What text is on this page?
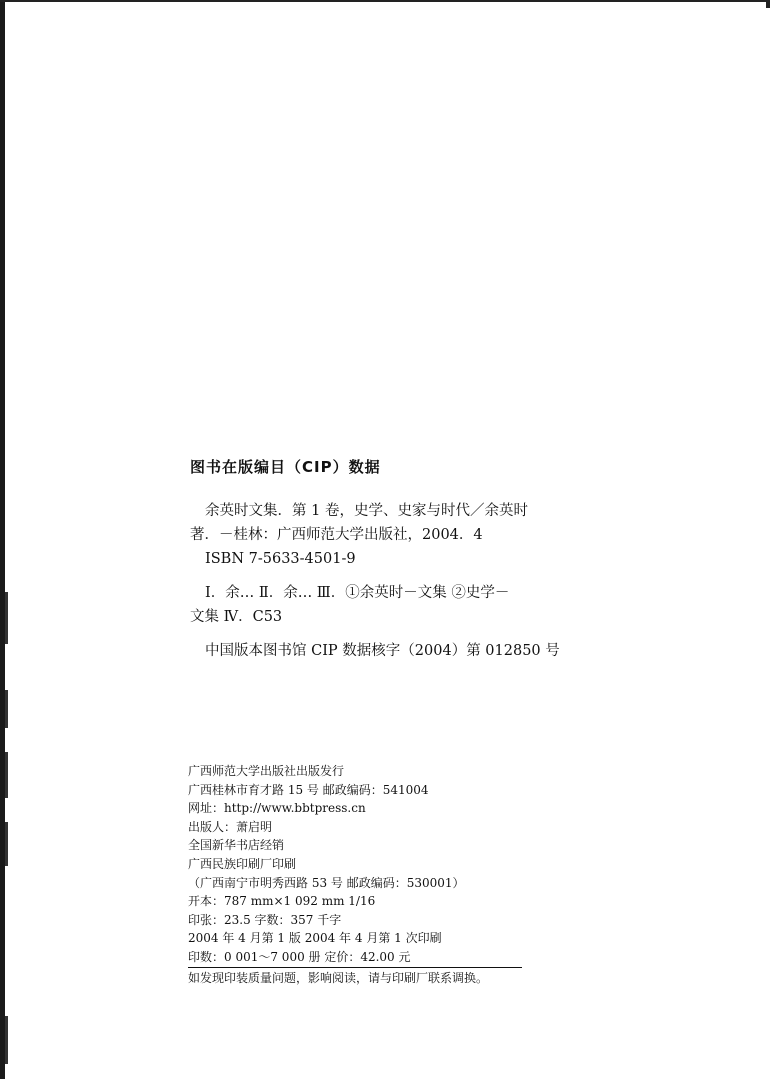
图书在版编目（CIP）数据

余英时文集．第 1 卷，史学、史家与时代／余英时

著．－桂林：广西师范大学出版社，2004．4

ISBN 7-5633-4501-9

Ⅰ．余… Ⅱ．余… Ⅲ．①余英时－文集 ②史学－

文集 Ⅳ．C53

中国版本图书馆 CIP 数据核字（2004）第 012850 号

广西师范大学出版社出版发行

广西桂林市育才路 15 号 邮政编码：541004

网址：http://www.bbtpress.cn

出版人：萧启明

全国新华书店经销

广西民族印刷厂印刷

（广西南宁市明秀西路 53 号 邮政编码：530001）

开本：787 mm×1 092 mm 1/16

印张：23.5 字数：357 千字

2004 年 4 月第 1 版 2004 年 4 月第 1 次印刷

印数：0 001～7 000 册 定价：42.00 元

如发现印装质量问题，影响阅读，请与印刷厂联系调换。
